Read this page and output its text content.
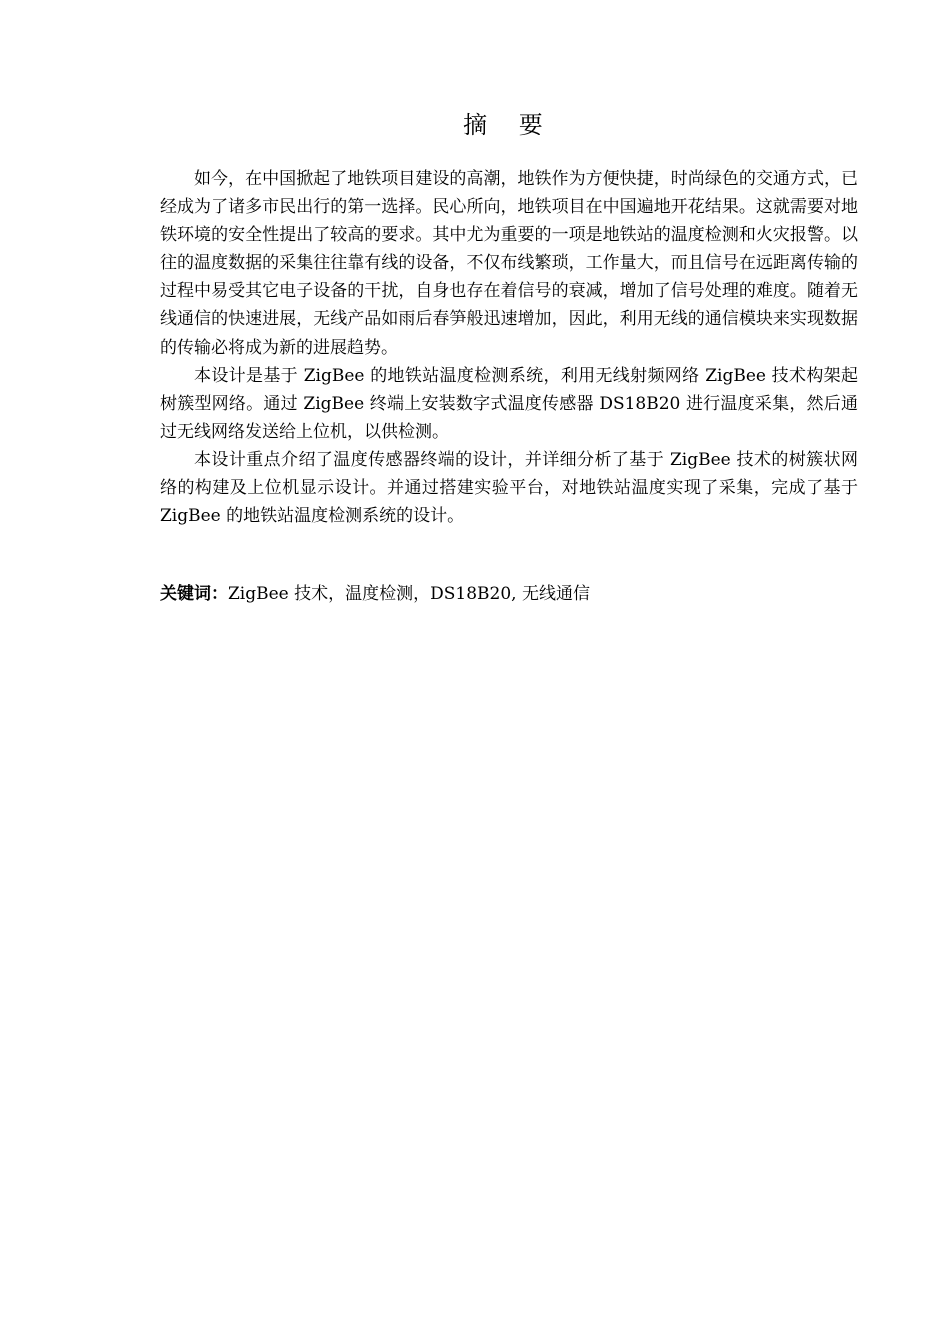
摘 要

如今，在中国掀起了地铁项目建设的高潮，地铁作为方便快捷，时尚绿色的交通方式，已经成为了诸多市民出行的第一选择。民心所向，地铁项目在中国遍地开花结果。这就需要对地铁环境的安全性提出了较高的要求。其中尤为重要的一项是地铁站的温度检测和火灾报警。以往的温度数据的采集往往靠有线的设备，不仅布线繁琐，工作量大，而且信号在远距离传输的过程中易受其它电子设备的干扰，自身也存在着信号的衰减，增加了信号处理的难度。随着无线通信的快速进展，无线产品如雨后春笋般迅速增加，因此，利用无线的通信模块来实现数据的传输必将成为新的进展趋势。

本设计是基于 ZigBee 的地铁站温度检测系统，利用无线射频网络 ZigBee 技术构架起树簇型网络。通过 ZigBee 终端上安装数字式温度传感器 DS18B20 进行温度采集，然后通过无线网络发送给上位机，以供检测。

本设计重点介绍了温度传感器终端的设计，并详细分析了基于 ZigBee 技术的树簇状网络的构建及上位机显示设计。并通过搭建实验平台，对地铁站温度实现了采集，完成了基于 ZigBee 的地铁站温度检测系统的设计。

关键词：ZigBee 技术，温度检测，DS18B20, 无线通信
